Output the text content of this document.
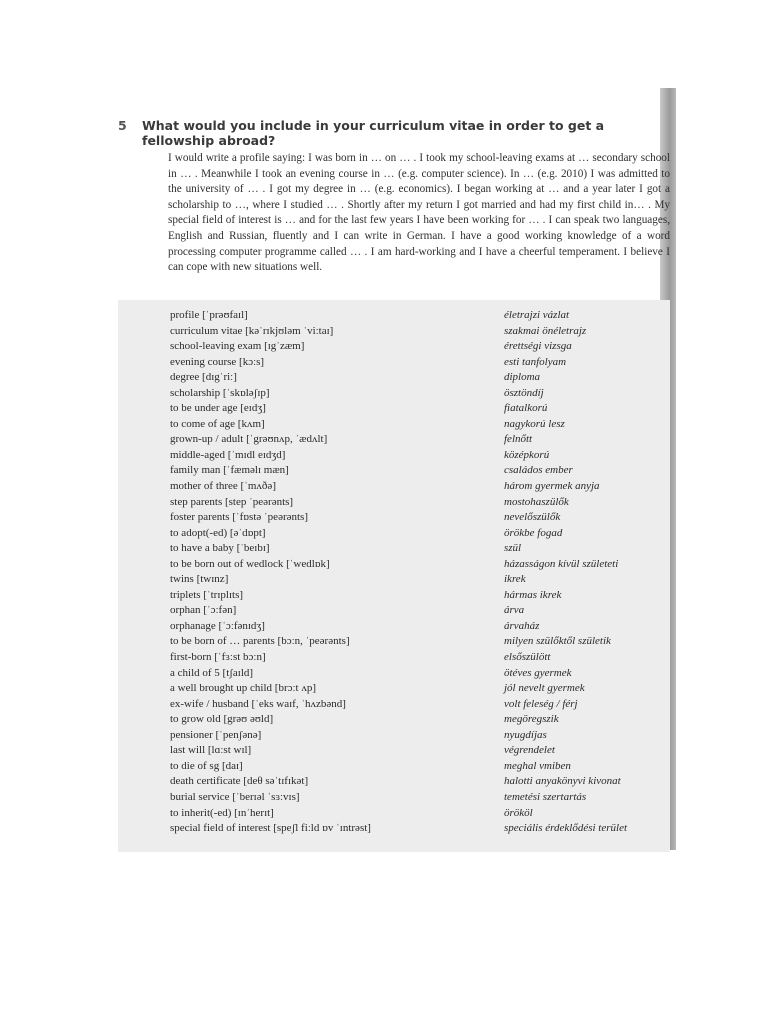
5 What would you include in your curriculum vitae in order to get a fellowship abroad?
I would write a profile saying: I was born in … on … . I took my school-leaving exams at … secondary school in … . Meanwhile I took an evening course in … (e.g. computer science). In … (e.g. 2010) I was admitted to the university of … . I got my degree in … (e.g. economics). I began working at … and a year later I got a scholarship to …, where I studied … . Shortly after my return I got married and had my first child in… . My special field of interest is … and for the last few years I have been working for … . I can speak two languages, English and Russian, fluently and I can write in German. I have a good working knowledge of a word processing computer programme called … . I am hard-working and I have a cheerful temperament. I believe I can cope with new situations well.
profile [ˈprəʊfaɪl]	életrajzi vázlat
curriculum vitae [kəˈrɪkjʊləm ˈviːtaɪ]	szakmai önéletrajz
school-leaving exam [ɪgˈzæm]	érettségi vizsga
evening course [kɔːs]	esti tanfolyam
degree [dɪgˈriː]	diploma
scholarship [ˈskɒləʃɪp]	ösztöndíj
to be under age [eɪdʒ]	fiatalkorú
to come of age [kʌm]	nagykorú lesz
grown-up / adult [ˈgrəʊnʌp, ˈædʌlt]	felnőtt
middle-aged [ˈmɪdl eɪdʒd]	középkorú
family man [ˈfæməlɪ mæn]	családos ember
mother of three [ˈmʌðə]	három gyermek anyja
step parents [step ˈpeərənts]	mostohaszülők
foster parents [ˈfɒstə ˈpeərənts]	nevelőszülők
to adopt(-ed) [əˈdɒpt]	örökbe fogad
to have a baby [ˈbeɪbɪ]	szül
to be born out of wedlock [ˈwedlɒk]	házasságon kívül születeti
twins [twɪnz]	ikrek
triplets [ˈtrɪplɪts]	hármas ikrek
orphan [ˈɔːfən]	árva
orphanage [ˈɔːfənɪdʒ]	árvaház
to be born of … parents [bɔːn, ˈpeərənts]	milyen szülőktől születik
first-born [ˈfɜːst bɔːn]	elsőszülött
a child of 5 [tʃaɪld]	ötéves gyermek
a well brought up child [brɔːt ʌp]	jól nevelt gyermek
ex-wife / husband [ˈeks waɪf, ˈhʌzbənd]	volt feleség / férj
to grow old [grəʊ əʊld]	megöregszik
pensioner [ˈpenʃənə]	nyugdíjas
last will [lɑːst wɪl]	végrendelet
to die of sg [daɪ]	meghal vmiben
death certificate [deθ səˈtɪfɪkət]	halotti anyakönyvi kivonat
burial service [ˈberɪəl ˈsɜːvɪs]	temetési szertartás
to inherit(-ed) [ɪnˈherɪt]	örököl
special field of interest [speʃl fiːld ɒv ˈɪntrəst]	speciális érdeklődési terület
